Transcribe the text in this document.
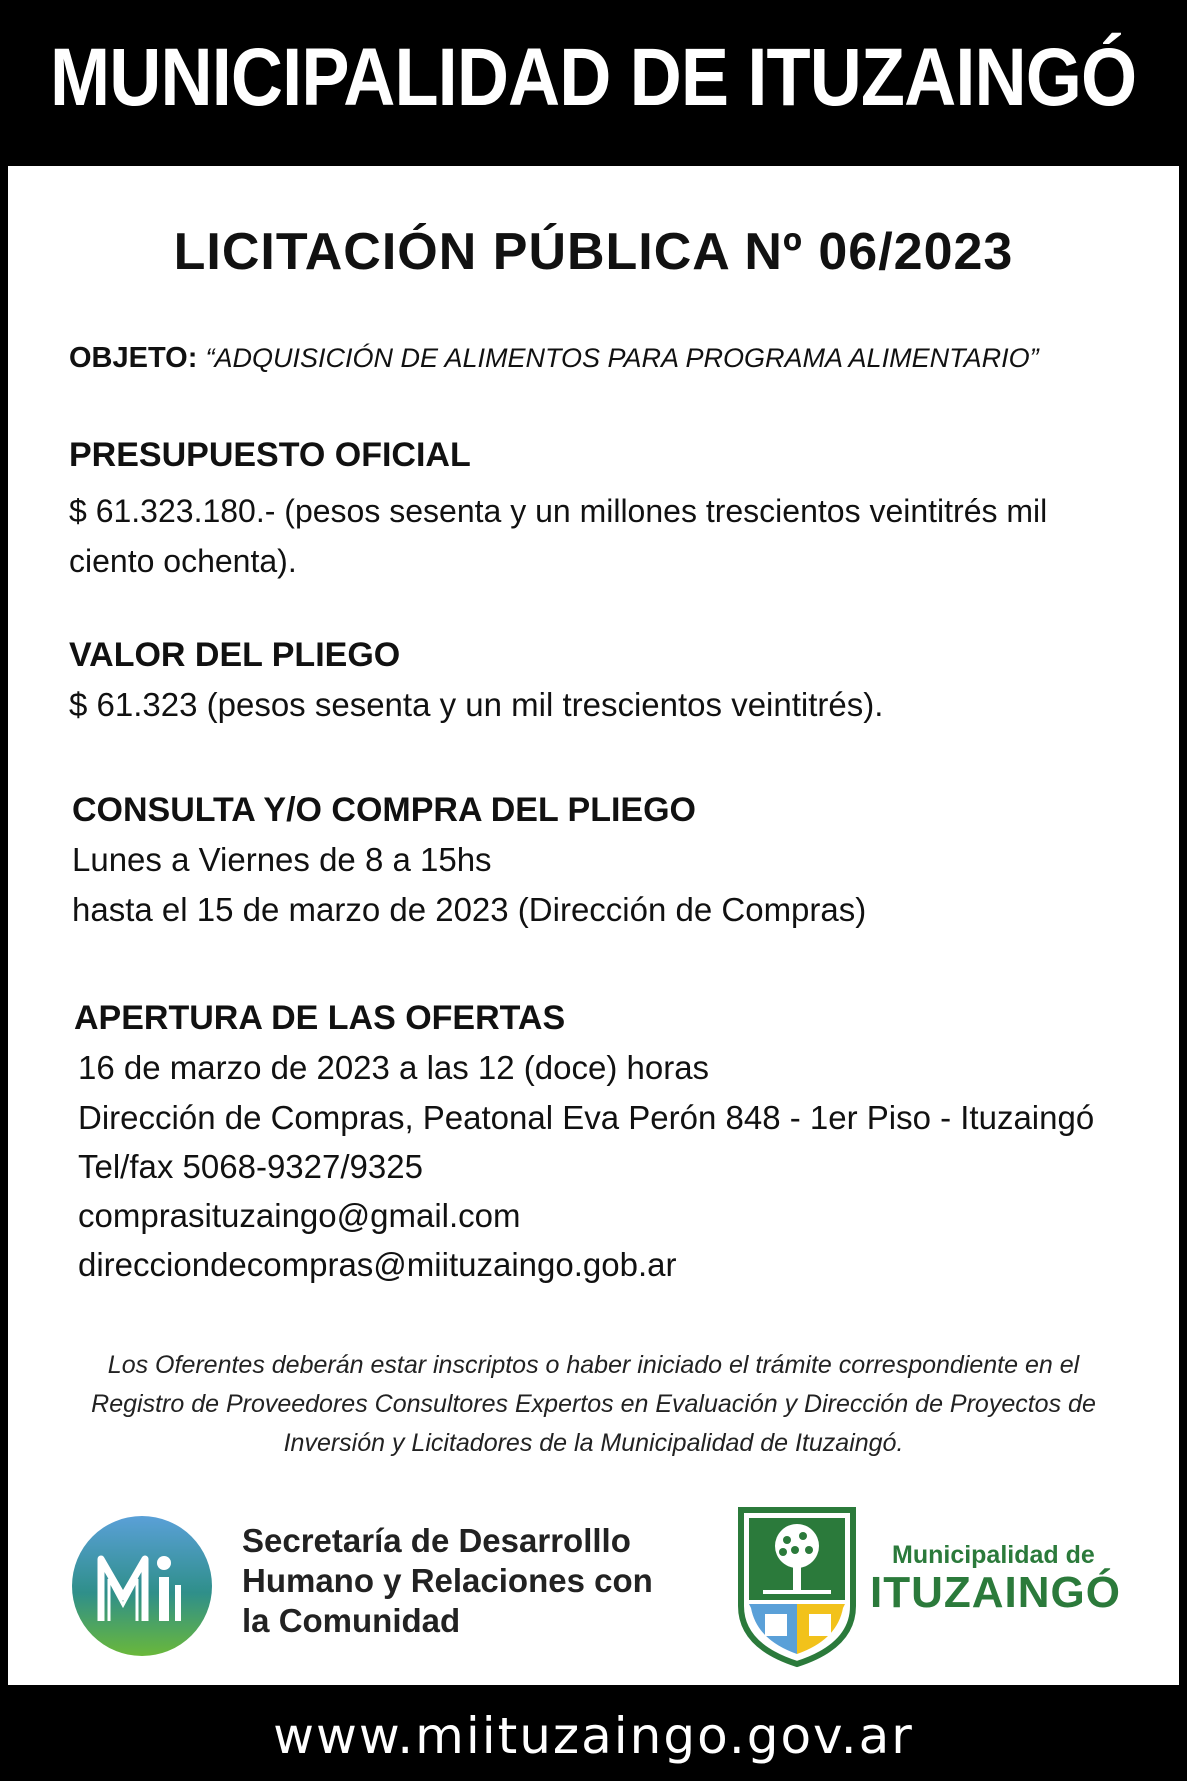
MUNICIPALIDAD DE ITUZAINGÓ
LICITACIÓN PÚBLICA Nº 06/2023

OBJETO: “ADQUISICIÓN DE ALIMENTOS PARA PROGRAMA ALIMENTARIO”

PRESUPUESTO OFICIAL
$ 61.323.180.- (pesos sesenta y un millones trescientos veintitrés mil ciento ochenta).
VALOR DEL PLIEGO
$ 61.323 (pesos sesenta y un mil trescientos veintitrés).
CONSULTA Y/O COMPRA DEL PLIEGO
Lunes a Viernes de 8 a 15hs
hasta el 15 de marzo de 2023 (Dirección de Compras)
APERTURA DE LAS OFERTAS
16 de marzo de 2023 a las 12 (doce) horas
Dirección de Compras, Peatonal Eva Perón 848 - 1er Piso - Ituzaingó
Tel/fax 5068-9327/9325
comprasituzaingo@gmail.com
direcciondecompras@miituzaingo.gob.ar

Los Oferentes deberán estar inscriptos o haber iniciado el trámite correspondiente en el Registro de Proveedores Consultores Expertos en Evaluación y Dirección de Proyectos de Inversión y Licitadores de la Municipalidad de Ituzaingó.

Secretaría de Desarrolllo Humano y Relaciones con la Comunidad
Municipalidad de
ITUZAINGÓ
www.miituzaingo.gov.ar
